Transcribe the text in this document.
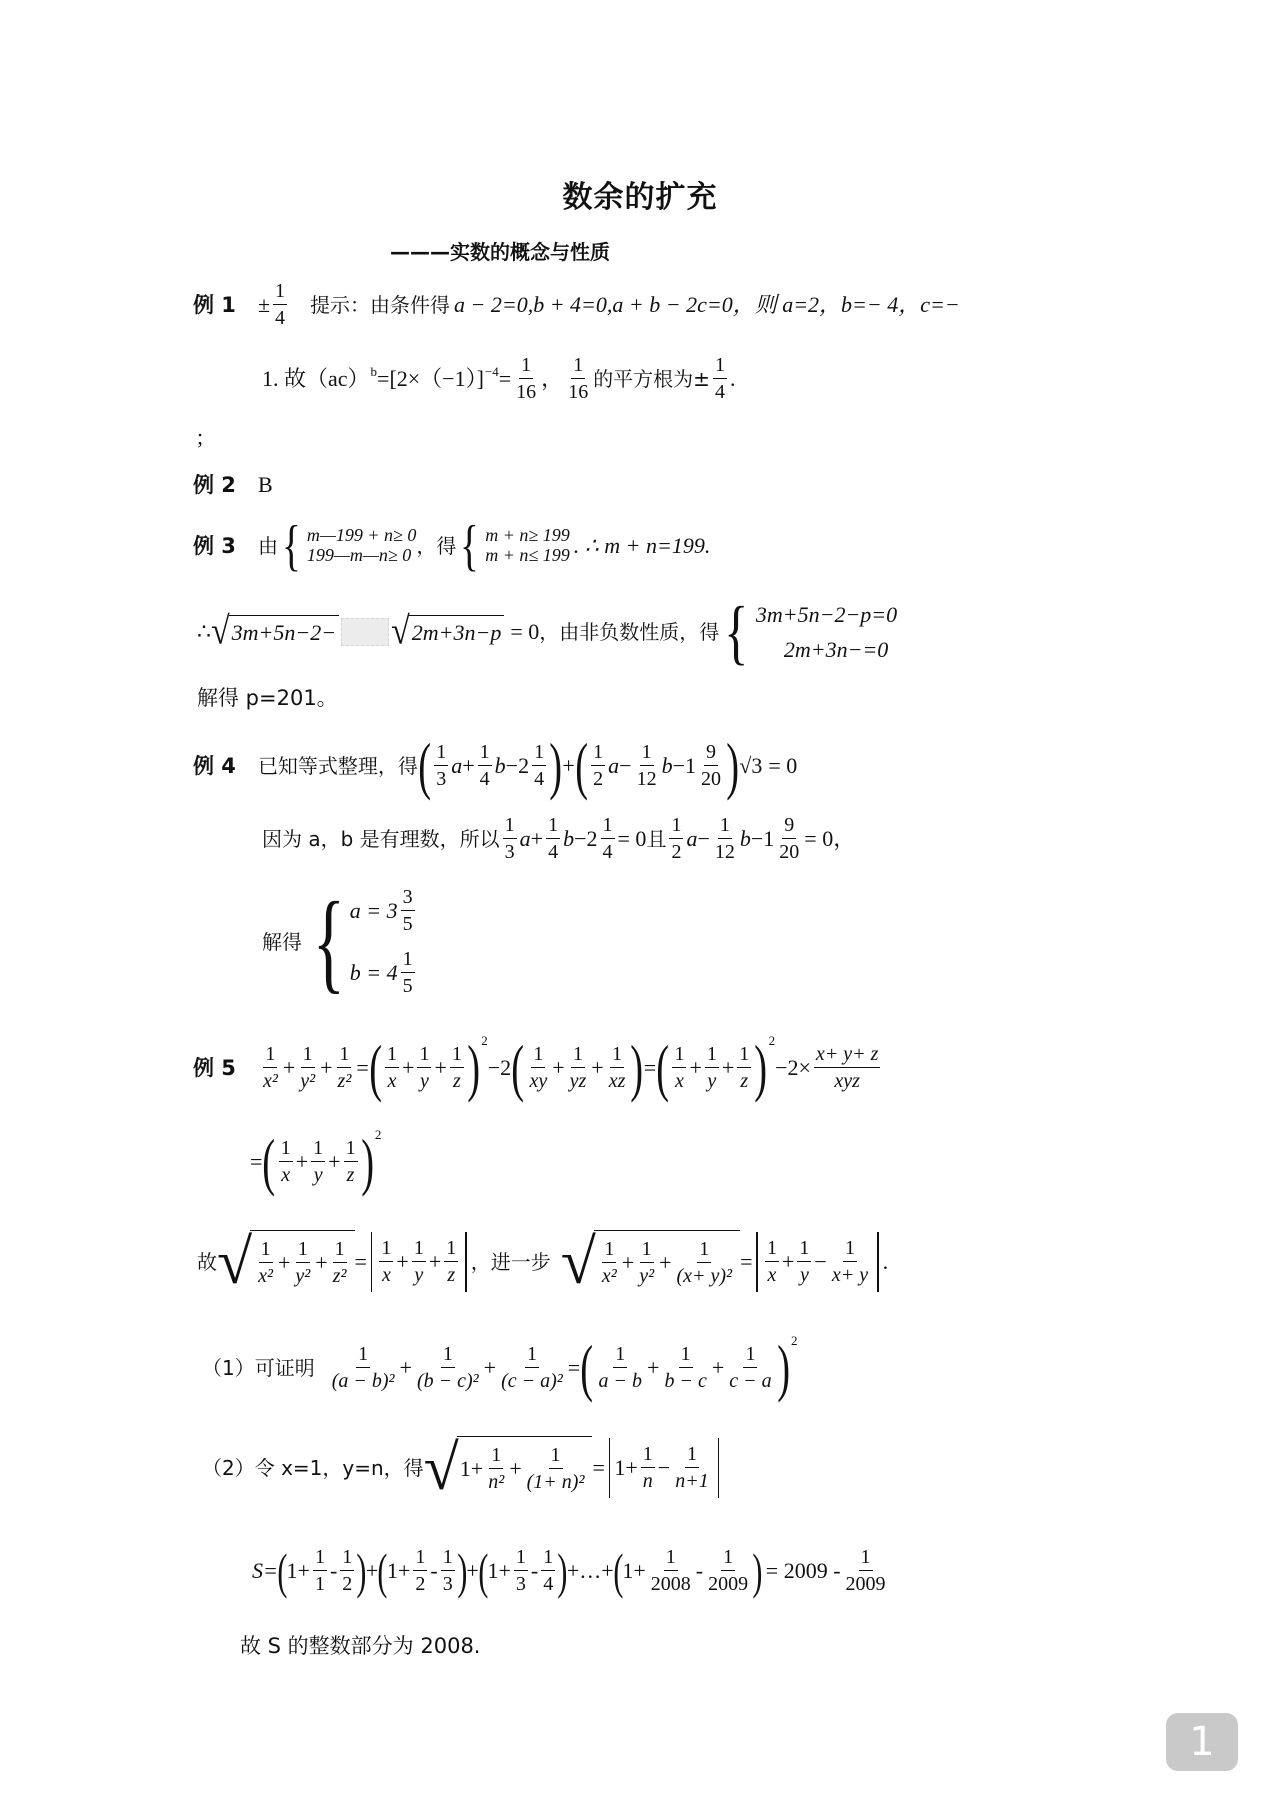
数余的扩充
———实数的概念与性质
例 $1 \pm \frac{1}{4}$ 提示：由条件得 a − 2=0,b + 4=0,a + b − 2c=0，则 a=2，b=− 4，c=−
1. 故（ac） $b =[2\times(-1)] -4 = \frac{1}{16}$ ， $\frac{1}{16}$ 的平方根为± $\frac{1}{4}$ .
;
例 2 B
例 3 由 { m—199 + n≥ 0
199—m—n≥ 0 ，得 { m + n≥ 199
m + n≤ 199 . ∴ m + n=199.
∴ √ 3m+5n−2− √ 2m+3n−p = 0 ，由非负数性质，得 { 3m+5n−2−p=0
2m+3n−=0
解得 p=201。
例 4 已知等式整理，得 ( $\frac{1}{3}$ $a + \frac{1}{4}$ $b -2 \frac{1}{4}$ ) + ( $\frac{1}{2}$ $a - \frac{1}{12}$ $b -1 \frac{9}{20}$ ) √3 = 0
因为 a，b 是有理数，所以 $\frac{1}{3}$ $a + \frac{1}{4}$ $b -2 \frac{1}{4} = 0$ 且 $\frac{1}{2}$ $a - \frac{1}{12}$ $b -1 \frac{9}{20} = 0$，
解得 { $a = 3 \frac{3}{5}$
$b = 4 \frac{1}{5}$
例 $5 \frac{1}{\text{x²}} + \frac{1}{\text{y²}} + \frac{1}{\text{z²}}$ = ( $\frac{1}{x} + \frac{1}{y} + \frac{1}{z}$ ) 2
−2 ( $\frac{1}{xy} + \frac{1}{yz} + \frac{1}{xz}$ ) = ( $\frac{1}{x} + \frac{1}{y} + \frac{1}{z}$ ) 2
$-2\times \frac{x+ y+ z}{\text{xyz}}$
= ( $\frac{1}{x} + \frac{1}{y} + \frac{1}{z}$ ) 2
故 √ $\frac{1}{\text{x²}} + \frac{1}{\text{y²}} + \frac{1}{\text{z²}} = \frac{1}{x} + \frac{1}{y} + \frac{1}{z}$ ，进一步 √ $\frac{1}{\text{x²}} + \frac{1}{\text{y²}} + \frac{1}{\text{(x+ y)²}} = \frac{1}{x} + \frac{1}{y} - \frac{1}{x+ y}$ .
（1）可证明 $\frac{1}{\text{(a − b)²}} + \frac{1}{\text{(b − c)²}} + \frac{1}{\text{(c − a)²}}$ = ( $\frac{1}{a - b} + \frac{1}{b - c} + \frac{1}{c - a}$ ) 2
（2）令 x=1，y=n，得 √ $1+ \frac{1}{\text{n²}} + \frac{1}{\text{(1+ n)²}} = 1+ \frac{1}{n} - \frac{1}{n+1}$
S= ( $1+ \frac{1}{1} - \frac{1}{2}$ ) + ( $1+ \frac{1}{2} - \frac{1}{3}$ ) + ( $1+ \frac{1}{3} - \frac{1}{4}$ ) +…+ ( $1+ \frac{1}{2008} - \frac{1}{2009}$ ) = $2009 - \frac{1}{2009}$
故 S 的整数部分为 2008.
1
